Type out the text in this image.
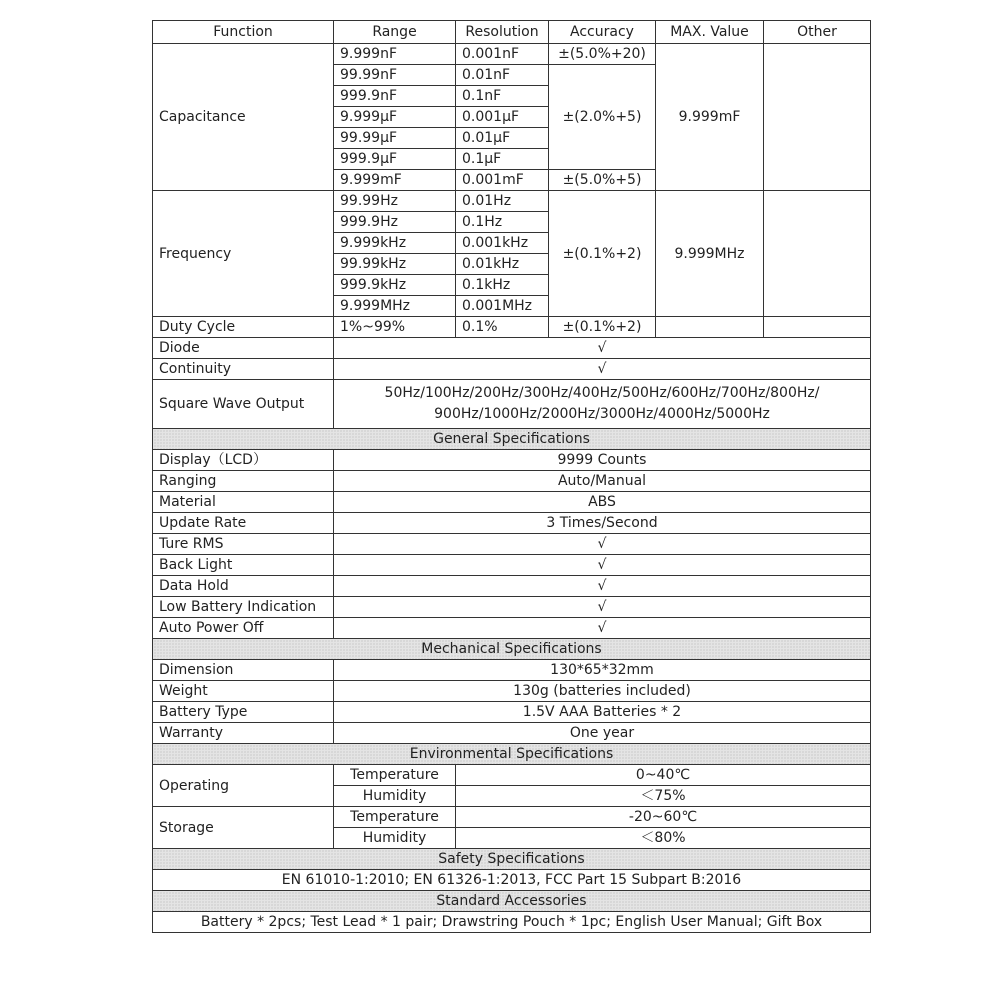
Function	Range	Resolution	Accuracy	MAX. Value	Other
Capacitance	9.999nF	0.001nF	±(5.0%+20)	9.999mF	
	99.99nF	0.01nF	±(2.0%+5)		
	999.9nF	0.1nF			
	9.999μF	0.001μF			
	99.99μF	0.01μF			
	999.9μF	0.1μF			
	9.999mF	0.001mF	±(5.0%+5)		
Frequency	99.99Hz	0.01Hz	±(0.1%+2)	9.999MHz	
	999.9Hz	0.1Hz			
	9.999kHz	0.001kHz			
	99.99kHz	0.01kHz			
	999.9kHz	0.1kHz			
	9.999MHz	0.001MHz			
Duty Cycle	1%~99%	0.1%	±(0.1%+2)		
Diode	√				
Continuity	√				
Square Wave Output	50Hz/100Hz/200Hz/300Hz/400Hz/500Hz/600Hz/700Hz/800Hz/
900Hz/1000Hz/2000Hz/3000Hz/4000Hz/5000Hz				

General Specifications					
Display（LCD）	9999 Counts				
Ranging	Auto/Manual				
Material	ABS				
Update Rate	3 Times/Second				
Ture RMS	√				
Back Light	√				
Data Hold	√				
Low Battery Indication	√				
Auto Power Off	√				
Mechanical Specifications					
Dimension	130*65*32mm				
Weight	130g (batteries included)				
Battery Type	1.5V AAA Batteries * 2				
Warranty	One year				
Environmental Specifications					
Operating	Temperature	0~40℃			
	Humidity	＜75%			
Storage	Temperature	-20~60℃			
	Humidity	＜80%			
Safety Specifications					
EN 61010-1:2010; EN 61326-1:2013, FCC Part 15 Subpart B:2016					
Standard Accessories					
Battery * 2pcs; Test Lead * 1 pair; Drawstring Pouch * 1pc; English User Manual; Gift Box					
